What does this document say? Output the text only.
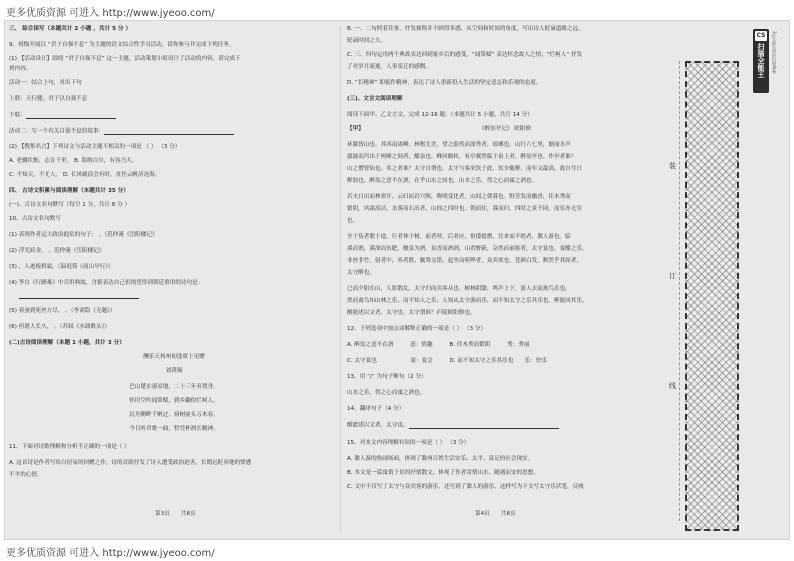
更多优质资源 可进入 http://www.jyeoo.com/
三、 综合读写（本题共计 2 小题 ，共计 5 分 ）
9、班级开展以 “君子自强不息” 为主题的语文综合性学习活动，请你参与并完成下列任务。
(1) 【活动设计】围绕 “君子自强不息” 这一主题，活动策划小组设计了活动的内容，请完成下
列内容。
活动一：结合上句，对出下句
上联：天行健，君子以自强不息
下联：
活动二：写一个有关自强不息的故事：
(2) 【搜集名言】下列诗文与活动主题不相关的一项是 （ ） （3 分）
A. 老骥伏枥，志在千里。 B. 海纳百川，有容乃大。
C. 不知天，不尤人。 D. 长风破浪会有时，直挂云帆济沧海。
四、 古诗文积累与阅读理解（本题共计 35 分）
(一)、古诗文名句默写（每空 1 分，共计 8 分 ）
10、古诗文名句默写
(1) 表现作者远大政治抱负的句子： 。（范仲淹《岳阳楼记》
(2) 浮光跃金， 。范仲淹《岳阳楼记》
(3) ，人迹板桥霜。（温庭筠《商山早行》）
(4) 李白《行路难》中引用典故，含蓄表达自己仍渴望得到朝廷重用的诗句是：
(5) 春蚕到死丝方尽， 。（李商隐《无题》）
(6) 但愿人长久， 。（苏轼《水调歌头》）
(二)古诗阅读理解（本题 1 小题，共计 3 分）
酬乐天扬州初逢席上见赠
刘禹锡
巴山楚水凄凉地，二十三年弃置身。
怀旧空吟闻笛赋，到乡翻似烂柯人。
沉舟侧畔千帆过，病树前头万木春。
今日听君歌一曲，暂凭杯酒长精神。
11、下面对诗歌理解和分析不正确的一项是（ ）
A. 这首诗是作者写给白居易的回赠之作，诗的首联抒发了诗人遭受政治迫害，长期远贬异地的愤懑
不平的心情。
第3页　　共8页
B. 一、二句照着往事，抒发被称并不顾得多感，从空间和时间的角度，写出诗人贬谪道路之远，
贬谪时间之久。
C. 三、四句运用两个典故表达回到家乡后的感受。“闻笛赋” 表达怀念故人之情；“烂柯人” 抒发
了对岁月流逝，人事变迁的感慨。
D. “长精神” 即振作精神，表达了诗人重新投入生活的坚定意志和乐观的态度。
(三)、文言文阅读理解
阅读下面甲、乙文言文，完成 12-16 题。（本题共计 5 小题，共计 14 分）
【甲】	《醉翁亭记》 欧阳修
环滁皆山也。其西南诸峰，林壑尤美，望之蔚然而深秀者，琅琊也。山行六七里，渐闻水声
潺潺而泻出于两峰之间者，酿泉也。峰回路转，有亭翼然临于泉上者，醉翁亭也。作亭者谁？
山之僧智仙也。名之者谁？太守自谓也。太守与客来饮于此，饮少辄醉，而年又最高，故自号曰
醉翁也。醉翁之意不在酒，在乎山水之间也。山水之乐，得之心而寓之酒也。
若夫日出而林霏开，云归而岩穴暝，晦明变化者，山间之朝暮也。野芳发而幽香，佳木秀而
繁阴，风霜高洁，水落而石出者，山间之四时也。朝而往，暮而归，四时之景不同，而乐亦无穷
也。
至于负者歌于途，行者休于树，前者呼，后者应，伛偻提携，往来而不绝者，滁人游也。临
溪而渔，溪深而鱼肥，酿泉为酒，泉香而酒洌，山肴野蔌，杂然而前陈者，太守宴也。宴酣之乐，
非丝非竹，射者中，弈者胜，觥筹交错，起坐而喧哗者，众宾欢也。苍颜白发，颓然乎其间者，
太守醉也。
已而夕阳在山，人影散乱，太守归而宾客从也。树林阴翳，鸣声上下，游人去而禽鸟乐也。
然而禽鸟知山林之乐，而不知人之乐；人知从太守游而乐，而不知太守之乐其乐也。醉能同其乐，
醒能述以文者，太守也。太守谓谁？庐陵欧阳修也。
12、下列选项中加点词解释正确的一项是（ ） （3 分）
A. 醉翁之意不在酒　　　意：情趣　　　B. 佳木秀而繁阴　　　秀：秀丽
C. 太守宴也　　　　　　宴：宴会　　　D. 而不知太守之乐其乐也　　乐：快乐
13、用 “/” 为句子断句（2 分）
山水之乐，得之心而寓之酒也。
14、翻译句子（4 分）
醒能述以文者，太守也。
15、对本文内容理解有误的一项是（ ） （3 分）
A. 滁人游的热闹场面，体现了滁州百姓生活安乐、太平、富足的社会现实。
B. 本文是一篇寓情于景的抒情散文，体现了作者寄情山水、随遇而安的思想。
C. 文中不仅写了太守与众宾客的游乐，还写到了滁人的游乐，这样写为下文写太守乐伏笔，反映
第4页　　共8页
装
订
线
CS
扫描全能王	3亿人都在用的扫描App
更多优质资源 可进入 http://www.jyeoo.com/
